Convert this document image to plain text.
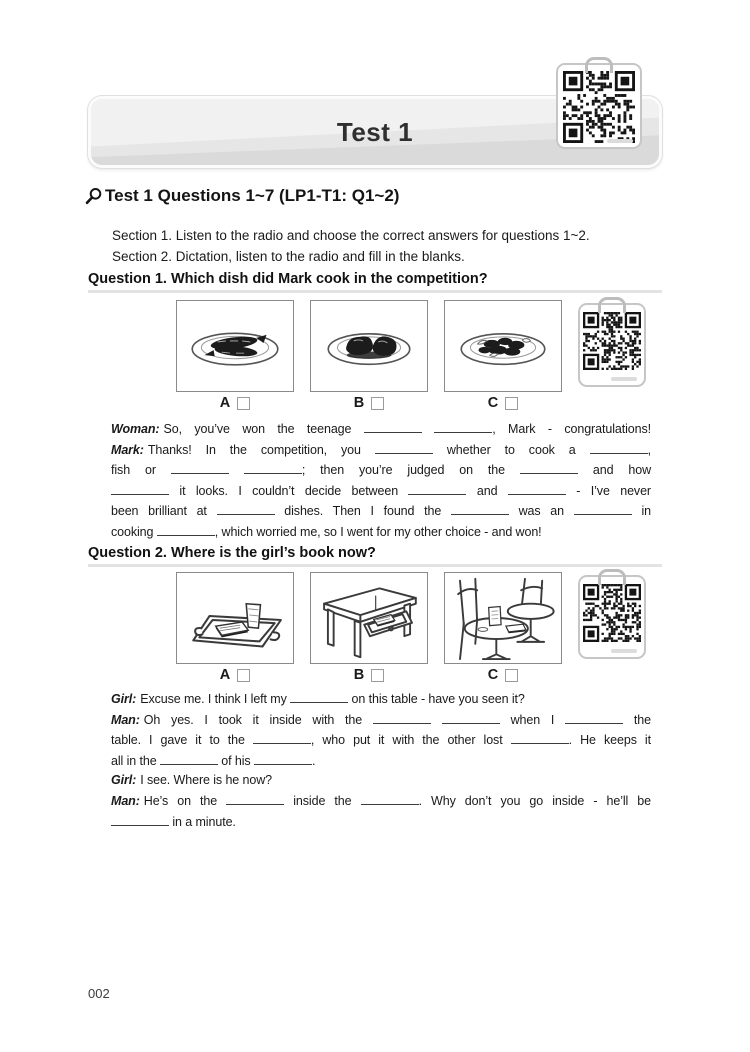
Test 1
Test 1 Questions 1~7 (LP1-T1: Q1~2)
Section 1. Listen to the radio and choose the correct answers for questions 1~2.
Section 2. Dictation, listen to the radio and fill in the blanks.
Question 1. Which dish did Mark cook in the competition?
A	B	C
Woman: So, you’ve won the teenage	, Mark - congratulations!
Mark: Thanks! In the competition, you	whether to cook a	,
fish or	; then you’re judged on the	and how
it looks. I couldn’t decide between	and	- I’ve never
been brilliant at	dishes. Then I found the	was an	in
cooking	, which worried me, so I went for my other choice - and won!
Question 2. Where is the girl’s book now?
A	B	C
Girl: Excuse me. I think I left my	on this table - have you seen it?
Man: Oh yes. I took it inside with the	when I	the
table. I gave it to the	, who put it with the other lost	. He keeps it
all in the	of his	.
Girl: I see. Where is he now?
Man: He’s on the	inside the	. Why don’t you go inside - he’ll be
in a minute.
002
